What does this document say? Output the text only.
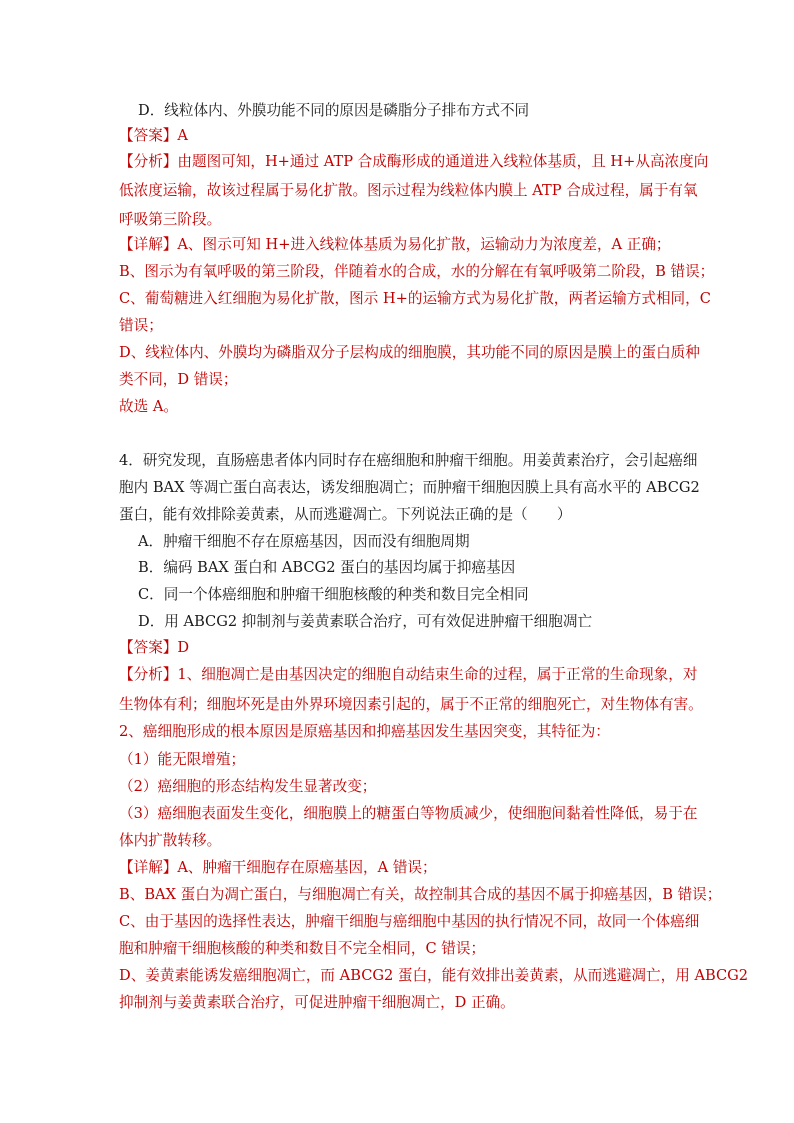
D．线粒体内、外膜功能不同的原因是磷脂分子排布方式不同
【答案】A
【分析】由题图可知，H+通过 ATP 合成酶形成的通道进入线粒体基质，且 H+从高浓度向
低浓度运输，故该过程属于易化扩散。图示过程为线粒体内膜上 ATP 合成过程，属于有氧
呼吸第三阶段。
【详解】A、图示可知 H+进入线粒体基质为易化扩散，运输动力为浓度差，A 正确；
B、图示为有氧呼吸的第三阶段，伴随着水的合成，水的分解在有氧呼吸第二阶段，B 错误；
C、葡萄糖进入红细胞为易化扩散，图示 H+的运输方式为易化扩散，两者运输方式相同，C
错误；
D、线粒体内、外膜均为磷脂双分子层构成的细胞膜，其功能不同的原因是膜上的蛋白质种
类不同，D 错误；
故选 A。
4．研究发现，直肠癌患者体内同时存在癌细胞和肿瘤干细胞。用姜黄素治疗，会引起癌细
胞内 BAX 等凋亡蛋白高表达，诱发细胞凋亡；而肿瘤干细胞因膜上具有高水平的 ABCG2
蛋白，能有效排除姜黄素，从而逃避凋亡。下列说法正确的是（　　）
A．肿瘤干细胞不存在原癌基因，因而没有细胞周期
B．编码 BAX 蛋白和 ABCG2 蛋白的基因均属于抑癌基因
C．同一个体癌细胞和肿瘤干细胞核酸的种类和数目完全相同
D．用 ABCG2 抑制剂与姜黄素联合治疗，可有效促进肿瘤干细胞凋亡
【答案】D
【分析】1、细胞凋亡是由基因决定的细胞自动结束生命的过程，属于正常的生命现象，对
生物体有利；细胞坏死是由外界环境因素引起的，属于不正常的细胞死亡，对生物体有害。
2、癌细胞形成的根本原因是原癌基因和抑癌基因发生基因突变，其特征为：
（1）能无限增殖；
（2）癌细胞的形态结构发生显著改变；
（3）癌细胞表面发生变化，细胞膜上的糖蛋白等物质减少，使细胞间黏着性降低，易于在
体内扩散转移。
【详解】A、肿瘤干细胞存在原癌基因，A 错误；
B、BAX 蛋白为凋亡蛋白，与细胞凋亡有关，故控制其合成的基因不属于抑癌基因，B 错误；
C、由于基因的选择性表达，肿瘤干细胞与癌细胞中基因的执行情况不同，故同一个体癌细
胞和肿瘤干细胞核酸的种类和数目不完全相同，C 错误；
D、姜黄素能诱发癌细胞凋亡，而 ABCG2 蛋白，能有效排出姜黄素，从而逃避凋亡，用 ABCG2
抑制剂与姜黄素联合治疗，可促进肿瘤干细胞凋亡，D 正确。
